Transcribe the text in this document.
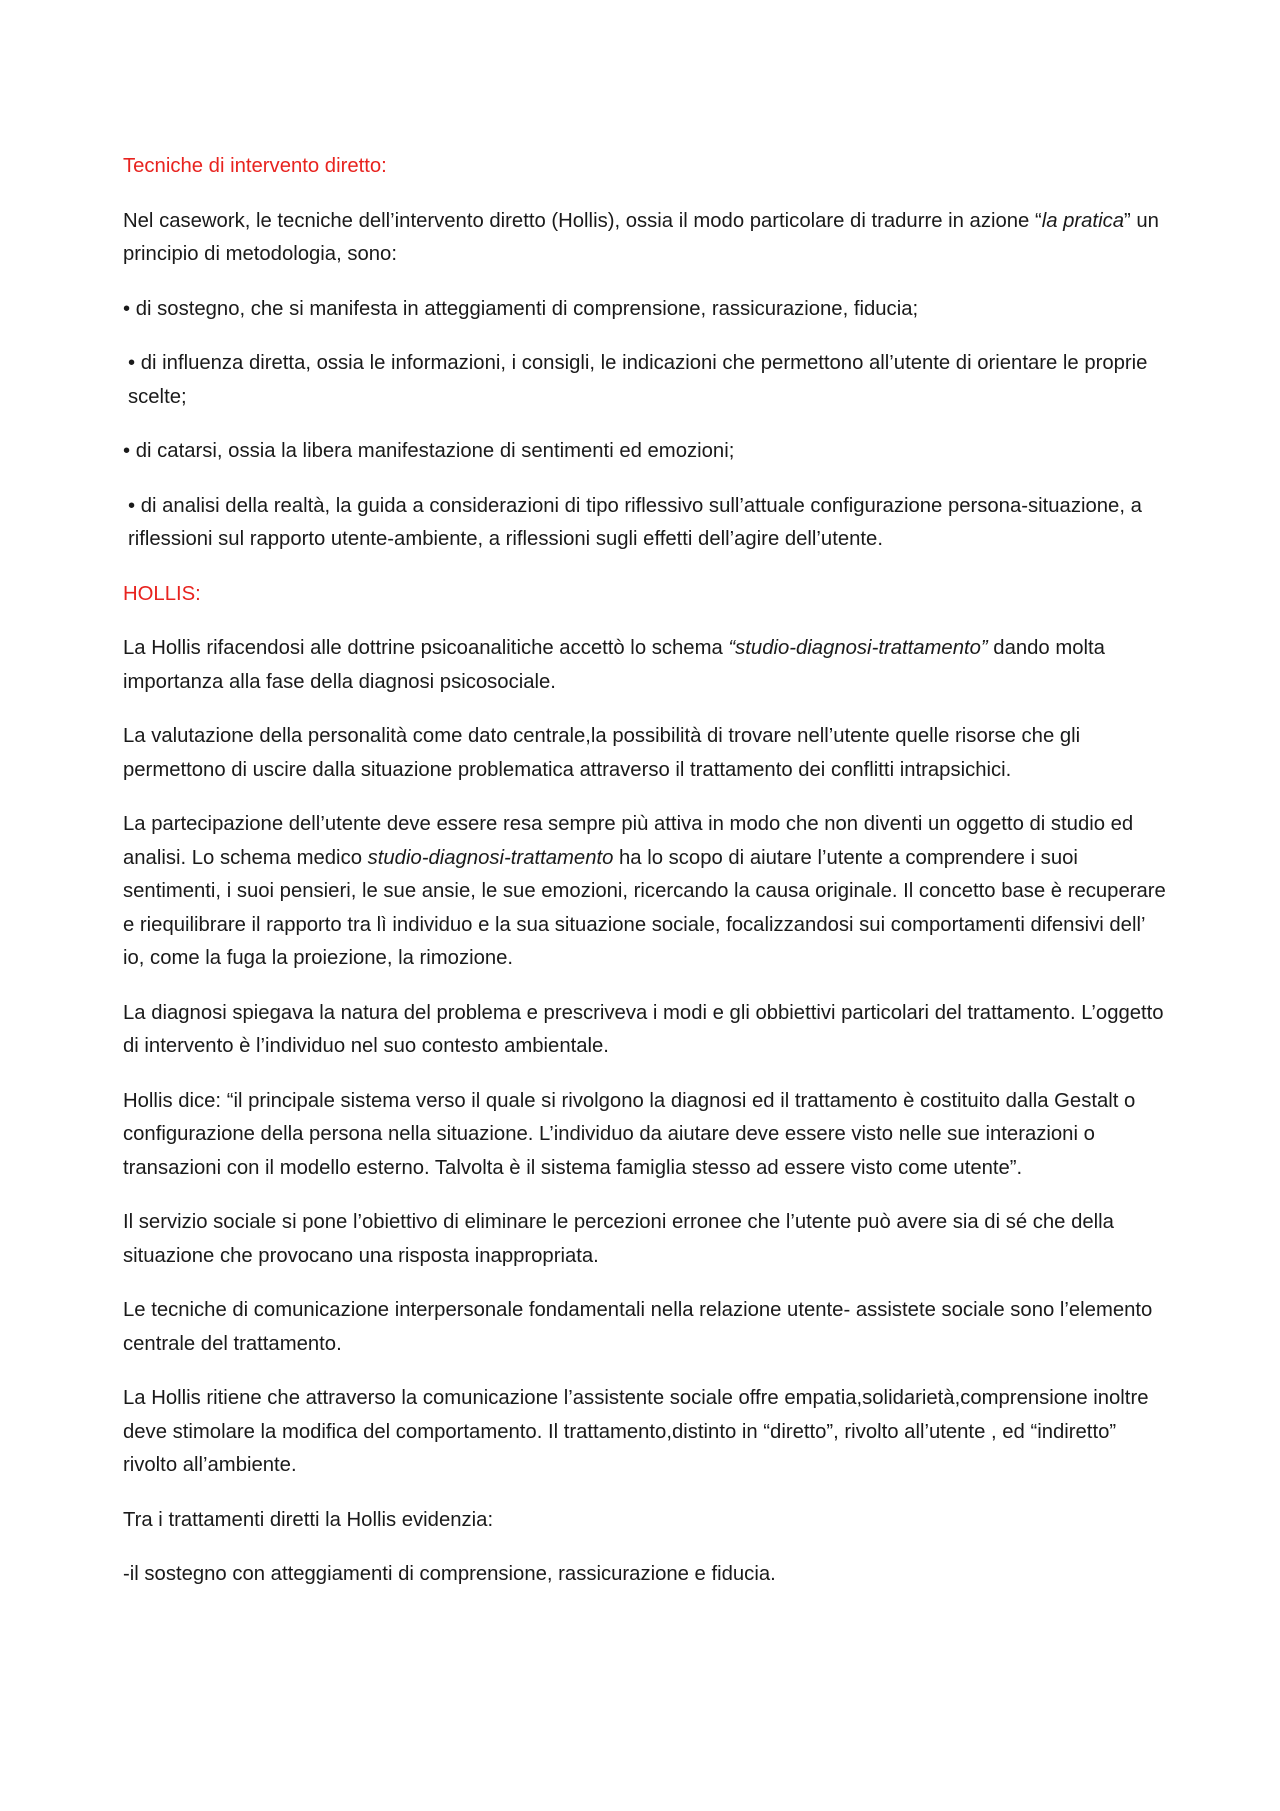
Tecniche di intervento diretto:

Nel casework, le tecniche dell’intervento diretto (Hollis), ossia il modo particolare di tradurre in azione “la pratica” un principio di metodologia, sono:

• di sostegno, che si manifesta in atteggiamenti di comprensione, rassicurazione, fiducia;

• di influenza diretta, ossia le informazioni, i consigli, le indicazioni che permettono all’utente di orientare le proprie scelte;

• di catarsi, ossia la libera manifestazione di sentimenti ed emozioni;

• di analisi della realtà, la guida a considerazioni di tipo riflessivo sull’attuale configurazione persona-situazione, a riflessioni sul rapporto utente-ambiente, a riflessioni sugli effetti dell’agire dell’utente.

HOLLIS:

La Hollis rifacendosi alle dottrine psicoanalitiche accettò lo schema “studio-diagnosi-trattamento” dando molta importanza alla fase della diagnosi psicosociale.

La valutazione della personalità come dato centrale,la possibilità di trovare nell’utente quelle risorse che gli permettono di uscire dalla situazione problematica attraverso il trattamento dei conflitti intrapsichici.

La partecipazione dell’utente deve essere resa sempre più attiva in modo che non diventi un oggetto di studio ed analisi. Lo schema medico studio-diagnosi-trattamento ha lo scopo di aiutare l’utente a comprendere i suoi sentimenti, i suoi pensieri, le sue ansie, le sue emozioni, ricercando la causa originale. Il concetto base è recuperare e riequilibrare il rapporto tra lì individuo e la sua situazione sociale, focalizzandosi sui comportamenti difensivi dell’ io, come la fuga la proiezione, la rimozione.

La diagnosi spiegava la natura del problema e prescriveva i modi e gli obbiettivi particolari del trattamento. L’oggetto di intervento è l’individuo nel suo contesto ambientale.

Hollis dice: “il principale sistema verso il quale si rivolgono la diagnosi ed il trattamento è costituito dalla Gestalt o configurazione della persona nella situazione. L’individuo da aiutare deve essere visto nelle sue interazioni o transazioni con il modello esterno. Talvolta è il sistema famiglia stesso ad essere visto come utente”.

Il servizio sociale si pone l’obiettivo di eliminare le percezioni erronee che l’utente può avere sia di sé che della situazione che provocano una risposta inappropriata.

Le tecniche di comunicazione interpersonale fondamentali nella relazione utente- assistete sociale sono l’elemento centrale del trattamento.

La Hollis ritiene che attraverso la comunicazione l’assistente sociale offre empatia,solidarietà,comprensione inoltre deve stimolare la modifica del comportamento. Il trattamento,distinto in “diretto”, rivolto all’utente , ed “indiretto” rivolto all’ambiente.

Tra i trattamenti diretti la Hollis evidenzia:

-il sostegno con atteggiamenti di comprensione, rassicurazione e fiducia.
